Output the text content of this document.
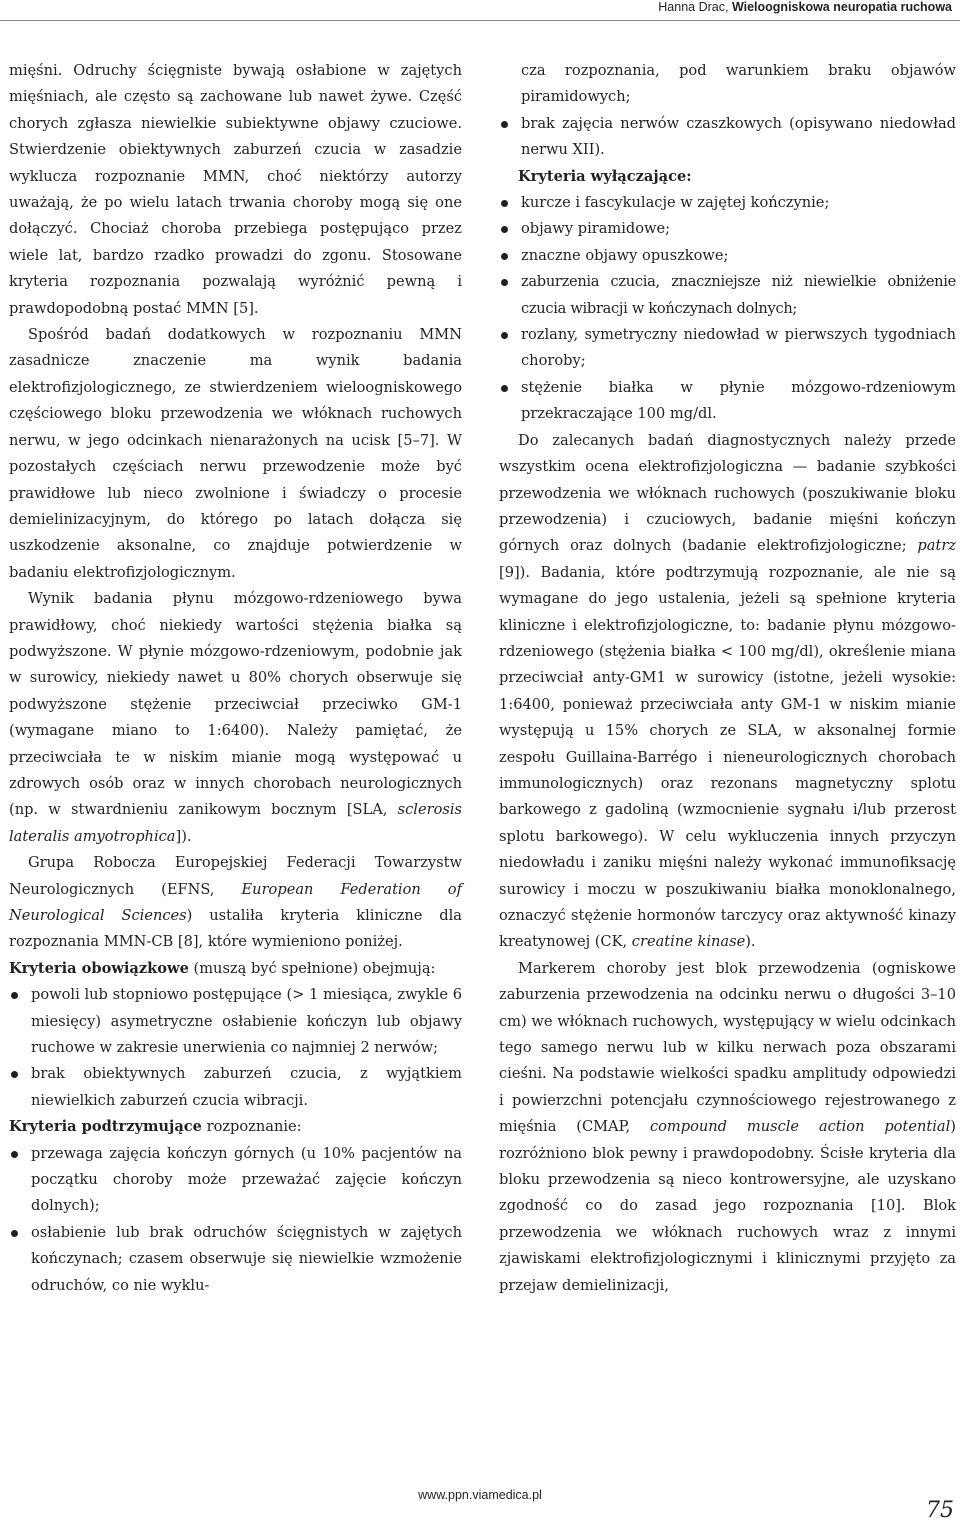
Hanna Drac, Wieloogniskowa neuropatia ruchowa

mięśni. Odruchy ścięgniste bywają osłabione w zajętych mięśniach, ale często są zachowane lub nawet żywe. Część chorych zgłasza niewielkie subiektywne objawy czuciowe. Stwierdzenie obiektywnych zaburzeń czucia w zasadzie wyklucza rozpoznanie MMN, choć niektórzy autorzy uważają, że po wielu latach trwania choroby mogą się one dołączyć. Chociaż choroba przebiega postępująco przez wiele lat, bardzo rzadko prowadzi do zgonu. Stosowane kryteria rozpoznania pozwalają wyróżnić pewną i prawdopodobną postać MMN [5].

Spośród badań dodatkowych w rozpoznaniu MMN zasadnicze znaczenie ma wynik badania elektrofizjologicznego, ze stwierdzeniem wieloogniskowego częściowego bloku przewodzenia we włóknach ruchowych nerwu, w jego odcinkach nienarażonych na ucisk [5–7]. W pozostałych częściach nerwu przewodzenie może być prawidłowe lub nieco zwolnione i świadczy o procesie demielinizacyjnym, do którego po latach dołącza się uszkodzenie aksonalne, co znajduje potwierdzenie w badaniu elektrofizjologicznym.

Wynik badania płynu mózgowo-rdzeniowego bywa prawidłowy, choć niekiedy wartości stężenia białka są podwyższone. W płynie mózgowo-rdzeniowym, podobnie jak w surowicy, niekiedy nawet u 80% chorych obserwuje się podwyższone stężenie przeciwciał przeciwko GM-1 (wymagane miano to 1:6400). Należy pamiętać, że przeciwciała te w niskim mianie mogą występować u zdrowych osób oraz w innych chorobach neurologicznych (np. w stwardnieniu zanikowym bocznym [SLA, sclerosis lateralis amyotrophica]).

Grupa Robocza Europejskiej Federacji Towarzystw Neurologicznych (EFNS, European Federation of Neurological Sciences) ustaliła kryteria kliniczne dla rozpoznania MMN-CB [8], które wymieniono poniżej.

Kryteria obowiązkowe (muszą być spełnione) obejmują:

powoli lub stopniowo postępujące (> 1 miesiąca, zwykle 6 miesięcy) asymetryczne osłabienie kończyn lub objawy ruchowe w zakresie unerwienia co najmniej 2 nerwów;
brak obiektywnych zaburzeń czucia, z wyjątkiem niewielkich zaburzeń czucia wibracji.

Kryteria podtrzymujące rozpoznanie:

przewaga zajęcia kończyn górnych (u 10% pacjentów na początku choroby może przeważać zajęcie kończyn dolnych);
osłabienie lub brak odruchów ścięgnistych w zajętych kończynach; czasem obserwuje się niewielkie wzmożenie odruchów, co nie wyklu-
cza rozpoznania, pod warunkiem braku objawów piramidowych;
brak zajęcia nerwów czaszkowych (opisywano niedowład nerwu XII).

Kryteria wyłączające:

kurcze i fascykulacje w zajętej kończynie;
objawy piramidowe;
znaczne objawy opuszkowe;
zaburzenia czucia, znaczniejsze niż niewielkie obniżenie czucia wibracji w kończynach dolnych;
rozlany, symetryczny niedowład w pierwszych tygodniach choroby;
stężenie białka w płynie mózgowo-rdzeniowym przekraczające 100 mg/dl.

Do zalecanych badań diagnostycznych należy przede wszystkim ocena elektrofizjologiczna — badanie szybkości przewodzenia we włóknach ruchowych (poszukiwanie bloku przewodzenia) i czuciowych, badanie mięśni kończyn górnych oraz dolnych (badanie elektrofizjologiczne; patrz [9]). Badania, które podtrzymują rozpoznanie, ale nie są wymagane do jego ustalenia, jeżeli są spełnione kryteria kliniczne i elektrofizjologiczne, to: badanie płynu mózgowo-rdzeniowego (stężenia białka < 100 mg/dl), określenie miana przeciwciał anty-GM1 w surowicy (istotne, jeżeli wysokie: 1:6400, ponieważ przeciwciała anty GM-1 w niskim mianie występują u 15% chorych ze SLA, w aksonalnej formie zespołu Guillaina-Barrégo i nieneurologicznych chorobach immunologicznych) oraz rezonans magnetyczny splotu barkowego z gadoliną (wzmocnienie sygnału i/lub przerost splotu barkowego). W celu wykluczenia innych przyczyn niedowładu i zaniku mięśni należy wykonać immunofiksację surowicy i moczu w poszukiwaniu białka monoklonalnego, oznaczyć stężenie hormonów tarczycy oraz aktywność kinazy kreatynowej (CK, creatine kinase).

Markerem choroby jest blok przewodzenia (ogniskowe zaburzenia przewodzenia na odcinku nerwu o długości 3–10 cm) we włóknach ruchowych, występujący w wielu odcinkach tego samego nerwu lub w kilku nerwach poza obszarami cieśni. Na podstawie wielkości spadku amplitudy odpowiedzi i powierzchni potencjału czynnościowego rejestrowanego z mięśnia (CMAP, compound muscle action potential) rozróżniono blok pewny i prawdopodobny. Ścisłe kryteria dla bloku przewodzenia są nieco kontrowersyjne, ale uzyskano zgodność co do zasad jego rozpoznania [10]. Blok przewodzenia we włóknach ruchowych wraz z innymi zjawiskami elektrofizjologicznymi i klinicznymi przyjęto za przejaw demielinizacji,

www.ppn.viamedica.pl
75
